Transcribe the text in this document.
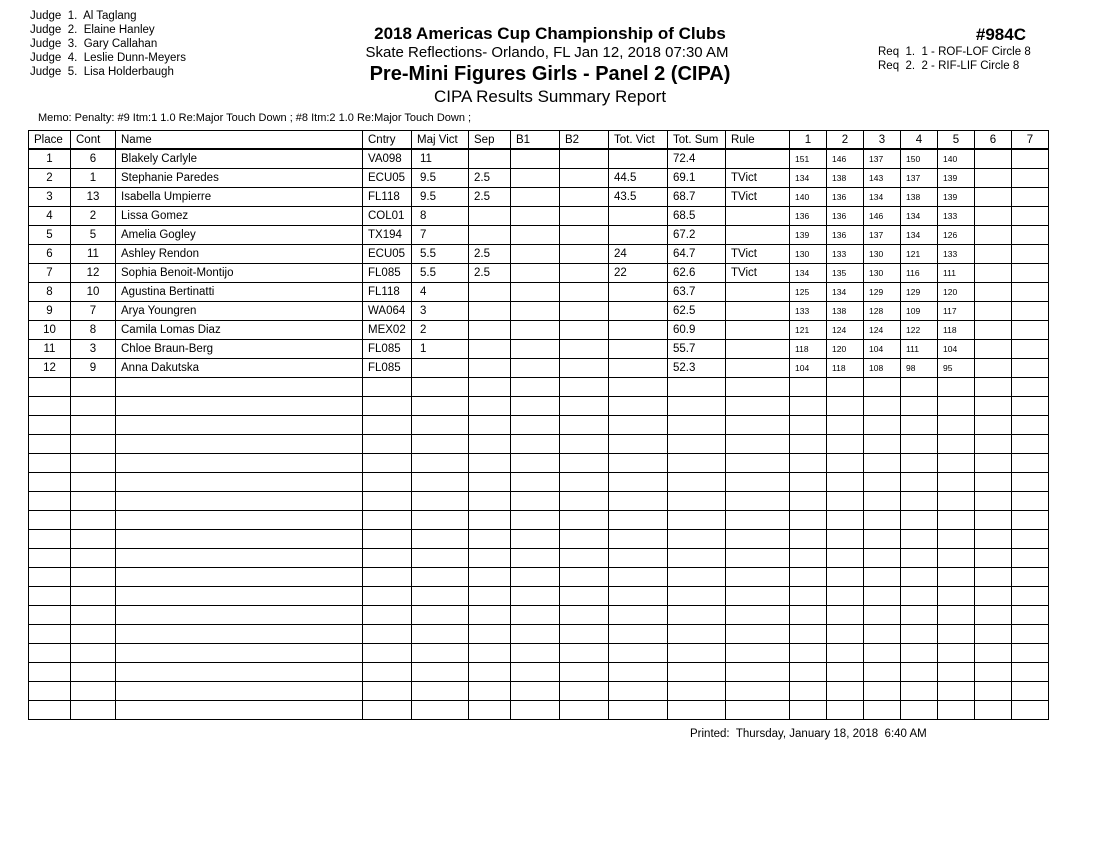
Judge  1.  Al Taglang
Judge  2.  Elaine Hanley
Judge  3.  Gary Callahan
Judge  4.  Leslie Dunn-Meyers
Judge  5.  Lisa Holderbaugh
2018 Americas Cup Championship of Clubs
Skate Reflections- Orlando, FL Jan 12, 2018 07:30 AM
Pre-Mini Figures Girls - Panel 2 (CIPA)
CIPA Results Summary Report
#984C
Req  1.  1 - ROF-LOF Circle 8
Req  2.  2 - RIF-LIF Circle 8
Memo: Penalty: #9 Itm:1 1.0 Re:Major Touch Down ; #8 Itm:2 1.0 Re:Major Touch Down ;
Place	Cont	Name	Cntry	Maj Vict	Sep	B1	B2	Tot. Vict	Tot. Sum	Rule	1	2	3	4	5	6	7
1	6	Blakely Carlyle	VA098	11					72.4		151	146	137	150	140		
2	1	Stephanie Paredes	ECU05	9.5	2.5			44.5	69.1	TVict	134	138	143	137	139		
3	13	Isabella Umpierre	FL118	9.5	2.5			43.5	68.7	TVict	140	136	134	138	139		
4	2	Lissa Gomez	COL01	8					68.5		136	136	146	134	133		
5	5	Amelia Gogley	TX194	7					67.2		139	136	137	134	126		
6	11	Ashley Rendon	ECU05	5.5	2.5			24	64.7	TVict	130	133	130	121	133		
7	12	Sophia Benoit-Montijo	FL085	5.5	2.5			22	62.6	TVict	134	135	130	116	111		
8	10	Agustina Bertinatti	FL118	4					63.7		125	134	129	129	120		
9	7	Arya Youngren	WA064	3					62.5		133	138	128	109	117		
10	8	Camila Lomas Diaz	MEX02	2					60.9		121	124	124	122	118		
11	3	Chloe Braun-Berg	FL085	1					55.7		118	120	104	111	104		
12	9	Anna Dakutska	FL085						52.3		104	118	108	98	95		

Printed:  Thursday, January 18, 2018  6:40 AM
